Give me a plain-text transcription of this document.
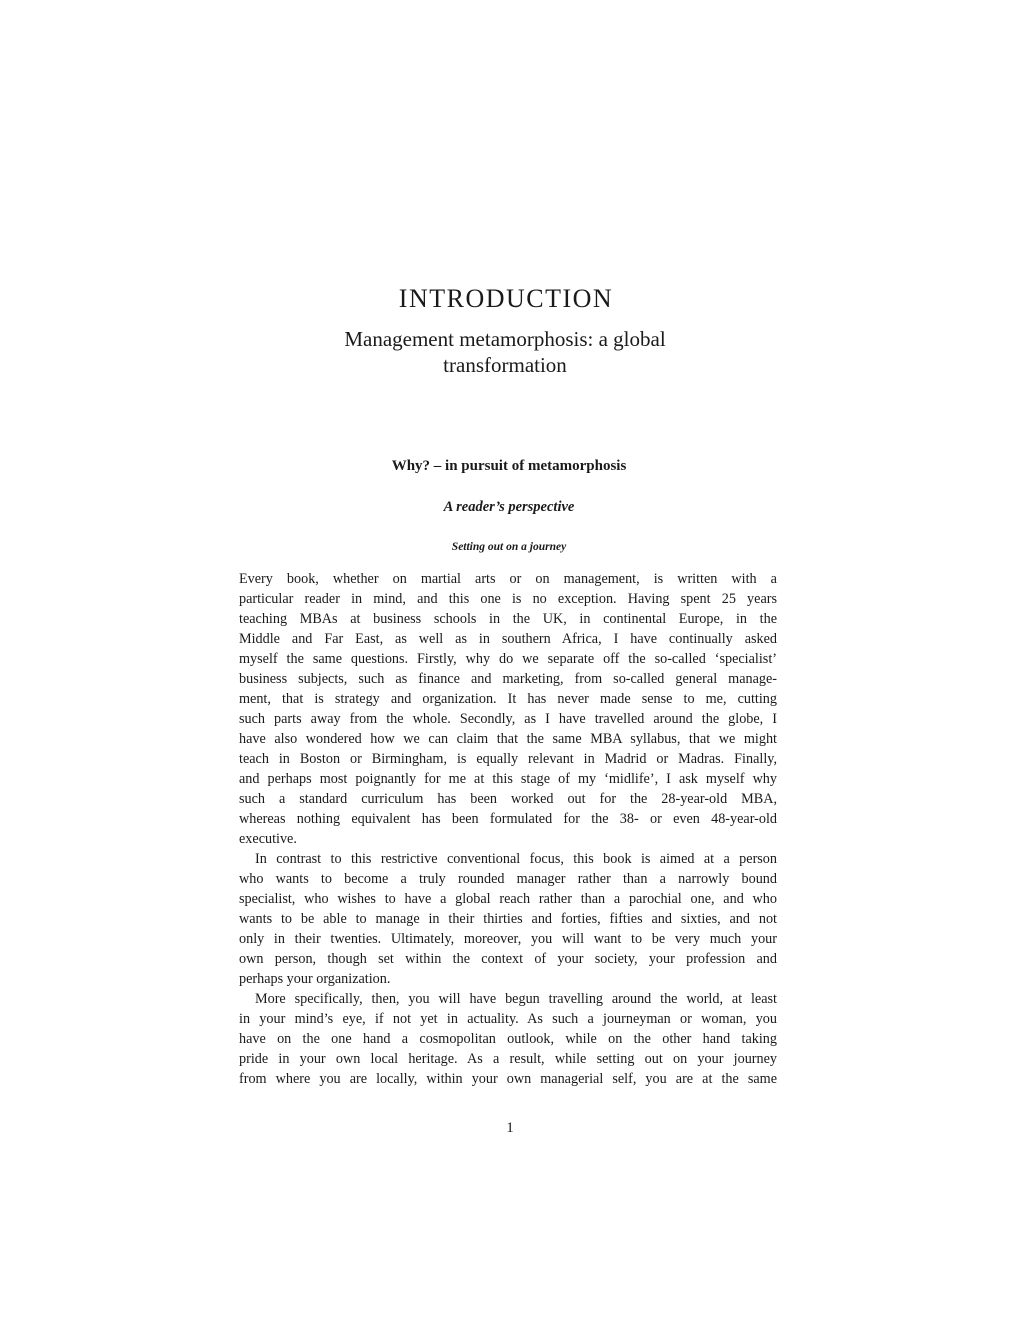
INTRODUCTION
Management metamorphosis: a global
transformation
Why? – in pursuit of metamorphosis
A reader’s perspective
Setting out on a journey
Every book, whether on martial arts or on management, is written with a
particular reader in mind, and this one is no exception. Having spent 25 years
teaching MBAs at business schools in the UK, in continental Europe, in the
Middle and Far East, as well as in southern Africa, I have continually asked
myself the same questions. Firstly, why do we separate off the so-called ‘specialist’
business subjects, such as finance and marketing, from so-called general manage-
ment, that is strategy and organization. It has never made sense to me, cutting
such parts away from the whole. Secondly, as I have travelled around the globe, I
have also wondered how we can claim that the same MBA syllabus, that we might
teach in Boston or Birmingham, is equally relevant in Madrid or Madras. Finally,
and perhaps most poignantly for me at this stage of my ‘midlife’, I ask myself why
such a standard curriculum has been worked out for the 28-year-old MBA,
whereas nothing equivalent has been formulated for the 38- or even 48-year-old
executive.
In contrast to this restrictive conventional focus, this book is aimed at a person
who wants to become a truly rounded manager rather than a narrowly bound
specialist, who wishes to have a global reach rather than a parochial one, and who
wants to be able to manage in their thirties and forties, fifties and sixties, and not
only in their twenties. Ultimately, moreover, you will want to be very much your
own person, though set within the context of your society, your profession and
perhaps your organization.
More specifically, then, you will have begun travelling around the world, at least
in your mind’s eye, if not yet in actuality. As such a journeyman or woman, you
have on the one hand a cosmopolitan outlook, while on the other hand taking
pride in your own local heritage. As a result, while setting out on your journey
from where you are locally, within your own managerial self, you are at the same
1
